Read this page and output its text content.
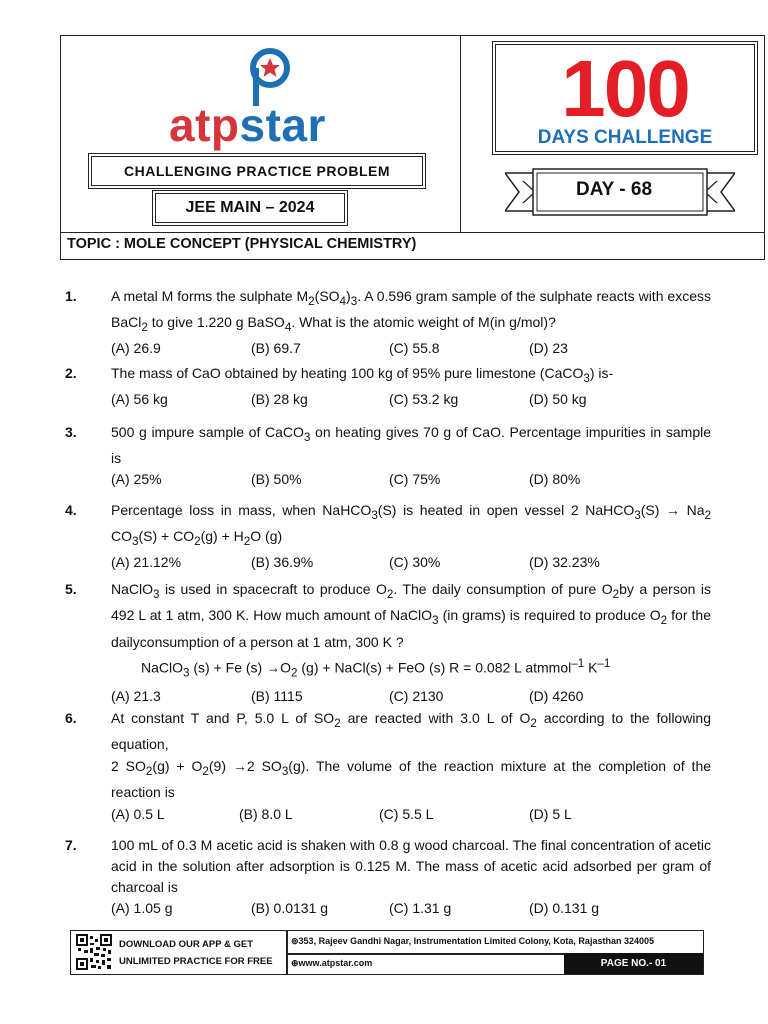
atpstar
CHALLENGING PRACTICE PROBLEM
JEE MAIN – 2024
100
DAYS CHALLENGE
DAY - 68
TOPIC : MOLE CONCEPT (PHYSICAL CHEMISTRY)
1. A metal M forms the sulphate $M_2(SO_4)_3$. A 0.596 gram sample of the sulphate reacts with excess BaCl$_2$ to give 1.220 g BaSO$_4$. What is the atomic weight of M(in g/mol)?
(A) 26.9	(B) 69.7	(C) 55.8	(D) 23
2. The mass of CaO obtained by heating 100 kg of 95% pure limestone (CaCO$_3$) is-
(A) 56 kg	(B) 28 kg	(C) 53.2 kg	(D) 50 kg
3. 500 g impure sample of CaCO$_3$ on heating gives 70 g of CaO. Percentage impurities in sample is
(A) 25%	(B) 50%	(C) 75%	(D) 80%
4. Percentage loss in mass, when NaHCO$_3$(S) is heated in open vessel 2 NaHCO$_3$(S) → $Na_2$ $CO_3(S) + CO_2(g) + H_2O$ (g)
(A) 21.12%	(B) 36.9%	(C) 30%	(D) 32.23%
5. NaClO$_3$ is used in spacecraft to produce $O_2$. The daily consumption of pure $O_2by$ a person is 492 L at 1 atm, 300 K. How much amount of NaClO$_3$ (in grams) is required to produce $O_2$ for the dailyconsumption of a person at 1 atm, 300 K ?
NaClO$_3$ (s) + Fe $(s) \to O_2$ (g) + NaCl(s) + FeO (s) R = 0.082 L atmmol$^{-1}$ $K^{-1}$
(A) 21.3	(B) 1115	(C) 2130	(D) 4260
6. At constant T and P, 5.0 L of $SO_2$ are reacted with 3.0 L of $O_2$ according to the following equation,
2 $SO_2(g) + O_2(9) \to 2$ $SO_3(g)$. The volume of the reaction mixture at the completion of the reaction is
(A) 0.5 L	(B) 8.0 L	(C) 5.5 L	(D) 5 L
7. 100 mL of 0.3 M acetic acid is shaken with 0.8 g wood charcoal. The final concentration of acetic acid in the solution after adsorption is 0.125 M. The mass of acetic acid adsorbed per gram of charcoal is
(A) 1.05 g	(B) 0.0131 g	(C) 1.31 g	(D) 0.131 g
DOWNLOAD OUR APP & GET
UNLIMITED PRACTICE FOR FREE
⊚353, Rajeev Gandhi Nagar, Instrumentation Limited Colony, Kota, Rajasthan 324005
⊕www.atpstar.com	PAGE NO.- 01
